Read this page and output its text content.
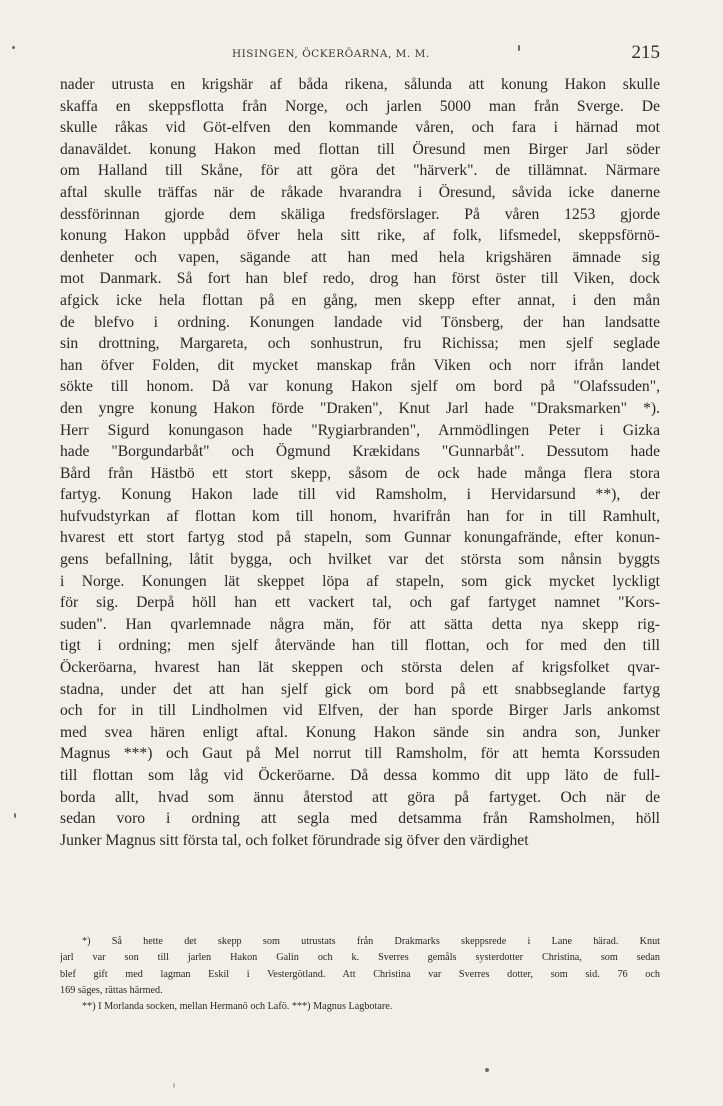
HISINGEN, ÖCKERÖARNA, M. M.	215
nader utrusta en krigshär af båda rikena, sålunda att konung Hakon skulle
skaffa en skeppsflotta från Norge, och jarlen 5000 man från Sverge. De
skulle råkas vid Göt-elfven den kommande våren, och fara i härnad mot
danaväldet. konung Hakon med flottan till Öresund men Birger Jarl söder
om Halland till Skåne, för att göra det "härverk". de tillämnat. Närmare
aftal skulle träffas när de råkade hvarandra i Öresund, såvida icke danerne
dessförinnan gjorde dem skäliga fredsförslager. På våren 1253 gjorde
konung Hakon uppbåd öfver hela sitt rike, af folk, lifsmedel, skeppsförnö-
denheter och vapen, sägande att han med hela krigshären ämnade sig
mot Danmark. Så fort han blef redo, drog han först öster till Viken, dock
afgick icke hela flottan på en gång, men skepp efter annat, i den mån
de blefvo i ordning. Konungen landade vid Tönsberg, der han landsatte
sin drottning, Margareta, och sonhustrun, fru Richissa; men sjelf seglade
han öfver Folden, dit mycket manskap från Viken och norr ifrån landet
sökte till honom. Då var konung Hakon sjelf om bord på "Olafssuden",
den yngre konung Hakon förde "Draken", Knut Jarl hade "Draksmarken" *).
Herr Sigurd konungason hade "Rygiarbranden", Arnmödlingen Peter i Gizka
hade "Borgundarbåt" och Ögmund Krækidans "Gunnarbåt". Dessutom hade
Bård från Hästbö ett stort skepp, såsom de ock hade många flera stora
fartyg. Konung Hakon lade till vid Ramsholm, i Hervidarsund **), der
hufvudstyrkan af flottan kom till honom, hvarifrån han for in till Ramhult,
hvarest ett stort fartyg stod på stapeln, som Gunnar konungafrände, efter konun-
gens befallning, låtit bygga, och hvilket var det största som nånsin byggts
i Norge. Konungen lät skeppet löpa af stapeln, som gick mycket lyckligt
för sig. Derpå höll han ett vackert tal, och gaf fartyget namnet "Kors-
suden". Han qvarlemnade några män, för att sätta detta nya skepp rig-
tigt i ordning; men sjelf återvände han till flottan, och for med den till
Öckeröarna, hvarest han lät skeppen och största delen af krigsfolket qvar-
stadna, under det att han sjelf gick om bord på ett snabbseglande fartyg
och for in till Lindholmen vid Elfven, der han sporde Birger Jarls ankomst
med svea hären enligt aftal. Konung Hakon sände sin andra son, Junker
Magnus ***) och Gaut på Mel norrut till Ramsholm, för att hemta Korssuden
till flottan som låg vid Öckeröarne. Då dessa kommo dit upp läto de full-
borda allt, hvad som ännu återstod att göra på fartyget. Och när de
sedan voro i ordning att segla med detsamma från Ramsholmen, höll
Junker Magnus sitt första tal, och folket förundrade sig öfver den värdighet
*) Så hette det skepp som utrustats från Drakmarks skeppsrede i Lane härad. Knut
jarl var son till jarlen Hakon Galin och k. Sverres gemåls systerdotter Christina, som sedan
blef gift med lagman Eskil i Vestergötland. Att Christina var Sverres dotter, som sid. 76 och
169 säges, rättas härmed.
**) I Morlanda socken, mellan Hermanö och Lafö. ***) Magnus Lagbotare.
